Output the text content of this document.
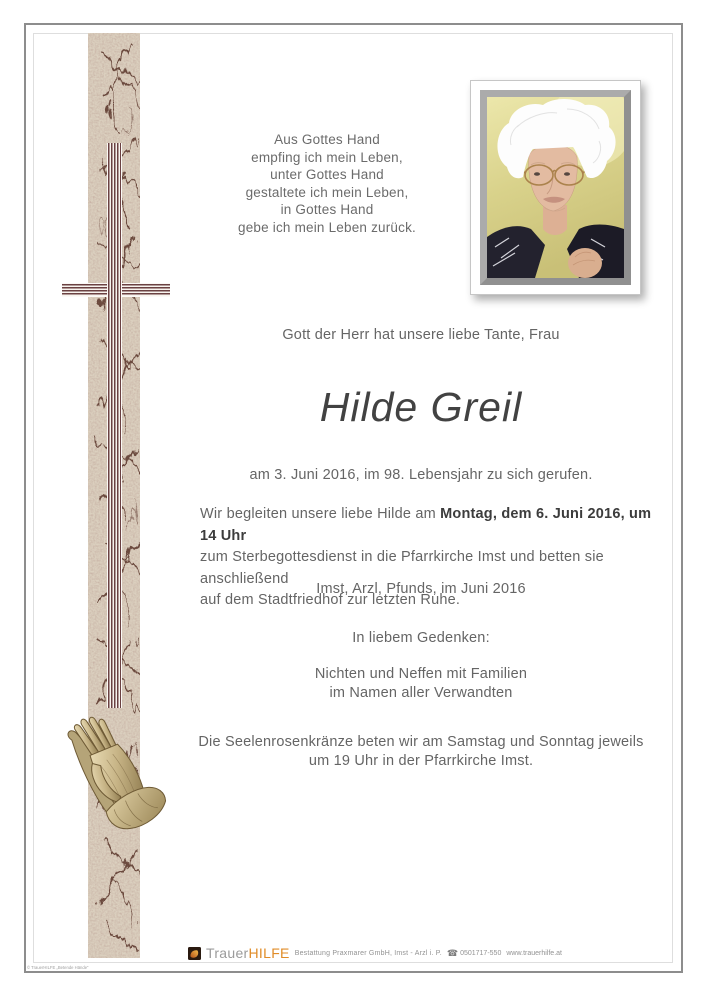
Aus Gottes Hand
empfing ich mein Leben,
unter Gottes Hand
gestaltete ich mein Leben,
in Gottes Hand
gebe ich mein Leben zurück.
Gott der Herr hat unsere liebe Tante, Frau
Hilde Greil
am 3. Juni 2016, im 98. Lebensjahr zu sich gerufen.
Wir begleiten unsere liebe Hilde am Montag, dem 6. Juni 2016, um 14 Uhr
zum Sterbegottesdienst in die Pfarrkirche Imst und betten sie anschließend
auf dem Stadtfriedhof zur letzten Ruhe.
Imst, Arzl, Pfunds, im Juni 2016
In liebem Gedenken:
Nichten und Neffen mit Familien
im Namen aller Verwandten
Die Seelenrosenkränze beten wir am Samstag und Sonntag jeweils
um 19 Uhr in der Pfarrkirche Imst.
TrauerHILFE Bestattung Praxmarer GmbH, Imst - Arzl i. P. ☎ 0501717-550 www.trauerhilfe.at
© TrauerHILFE „Betende Hände“
